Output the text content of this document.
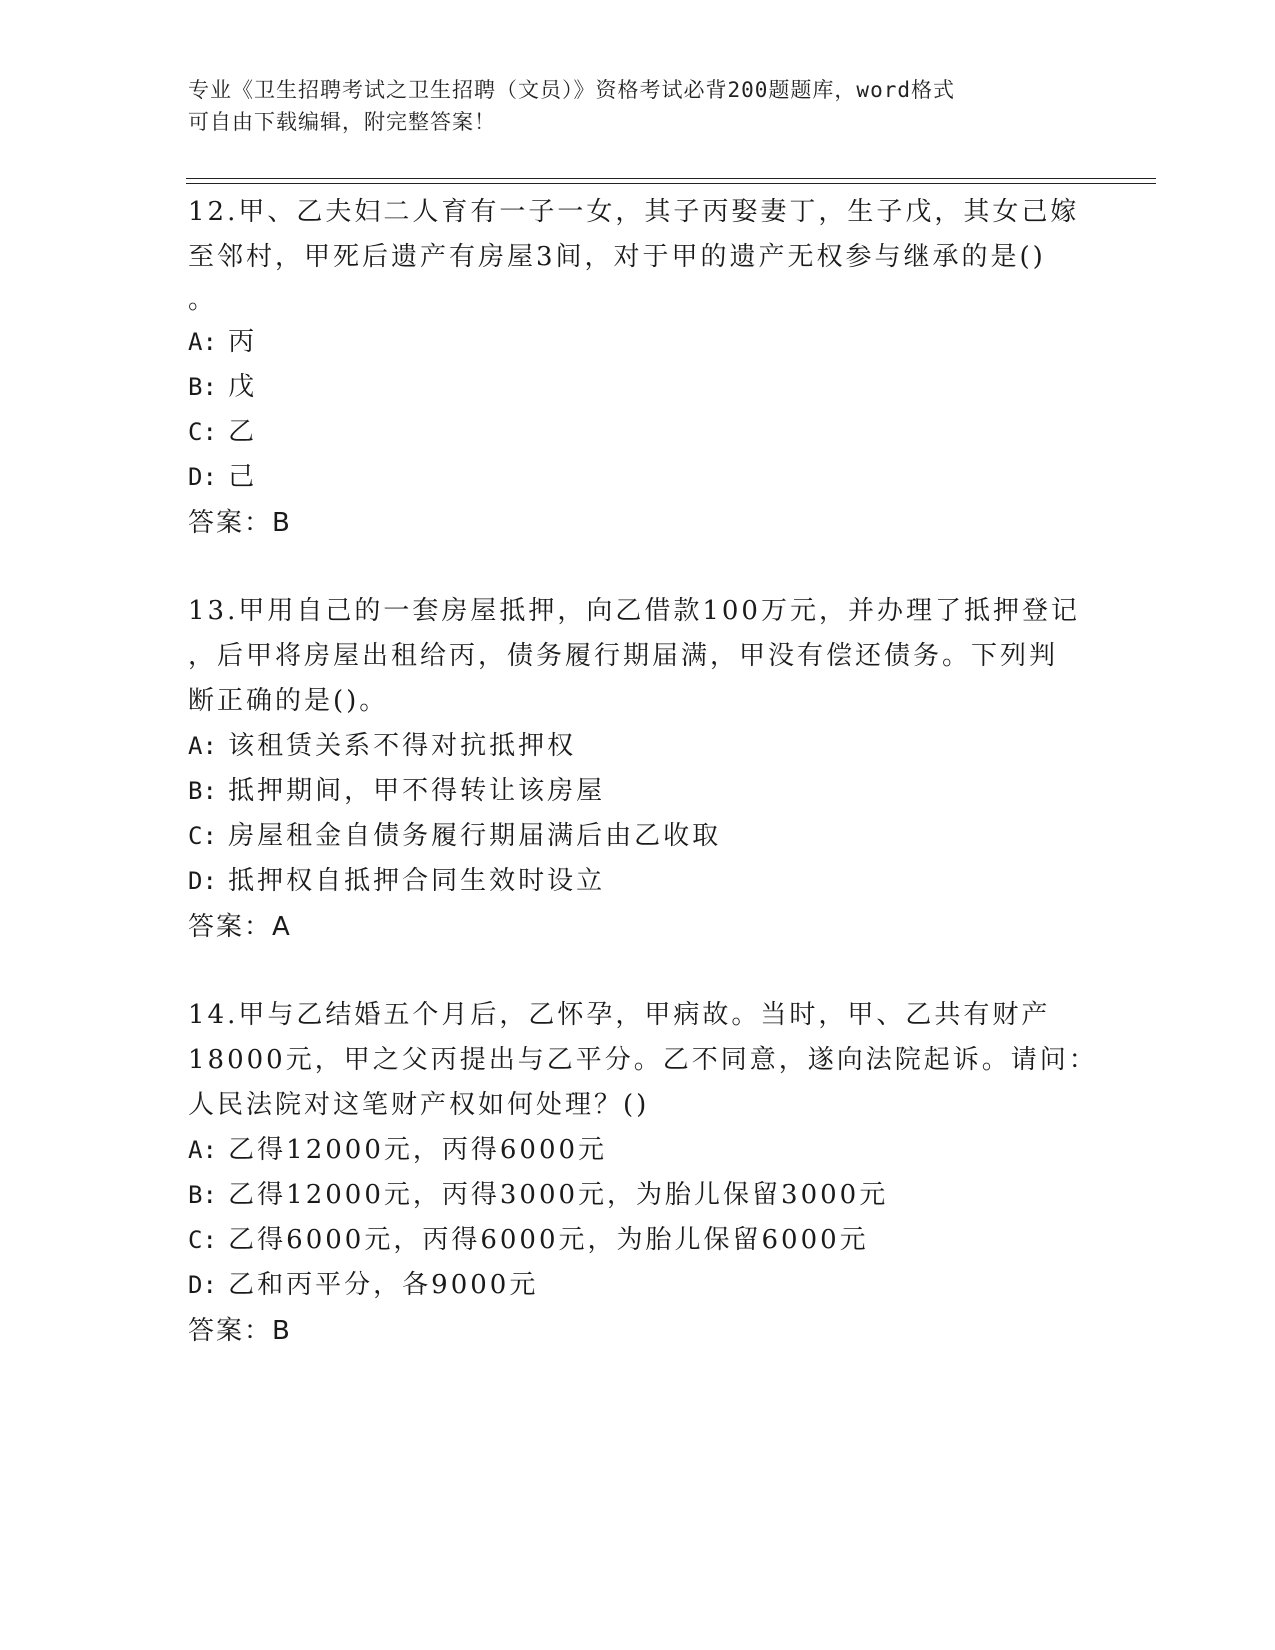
专业《卫生招聘考试之卫生招聘（文员）》资格考试必背200题题库，word格式
可自由下载编辑，附完整答案！
12.甲、乙夫妇二人育有一子一女，其子丙娶妻丁，生子戊，其女己嫁
至邻村，甲死后遗产有房屋3间，对于甲的遗产无权参与继承的是()
。
A: 丙
B: 戊
C: 乙
D: 己
答案：B
13.甲用自己的一套房屋抵押，向乙借款100万元，并办理了抵押登记
，后甲将房屋出租给丙，债务履行期届满，甲没有偿还债务。下列判
断正确的是()。
A: 该租赁关系不得对抗抵押权
B: 抵押期间，甲不得转让该房屋
C: 房屋租金自债务履行期届满后由乙收取
D: 抵押权自抵押合同生效时设立
答案：A
14.甲与乙结婚五个月后，乙怀孕，甲病故。当时，甲、乙共有财产
18000元，甲之父丙提出与乙平分。乙不同意，遂向法院起诉。请问：
人民法院对这笔财产权如何处理？()
A: 乙得12000元，丙得6000元
B: 乙得12000元，丙得3000元，为胎儿保留3000元
C: 乙得6000元，丙得6000元，为胎儿保留6000元
D: 乙和丙平分，各9000元
答案：B
